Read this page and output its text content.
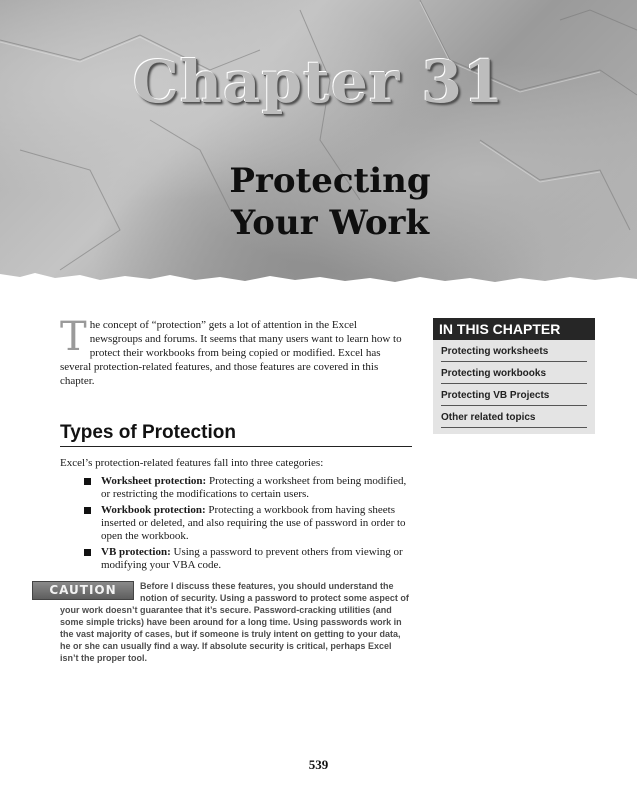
Chapter 31
Protecting
Your Work

The concept of “protection” gets a lot of attention in the Excel newsgroups and forums. It seems that many users want to learn how to protect their workbooks from being copied or modified. Excel has several protection-related features, and those features are covered in this chapter.

Types of Protection

Excel’s protection-related features fall into three categories:

Worksheet protection: Protecting a worksheet from being modified, or restricting the modifications to certain users.
Workbook protection: Protecting a workbook from having sheets inserted or deleted, and also requiring the use of password in order to open the workbook.
VB protection: Using a password to prevent others from viewing or modifying your VBA code.
CAUTION	Before I discuss these features, you should understand the notion of security. Using a password to protect some aspect of your work doesn’t guarantee that it’s secure. Password-cracking utilities (and some simple tricks) have been around for a long time. Using passwords work in the vast majority of cases, but if someone is truly intent on getting to your data, he or she can usually find a way. If absolute security is critical, perhaps Excel isn’t the proper tool.
IN THIS CHAPTER
Protecting worksheets
Protecting workbooks
Protecting VB Projects
Other related topics
539
